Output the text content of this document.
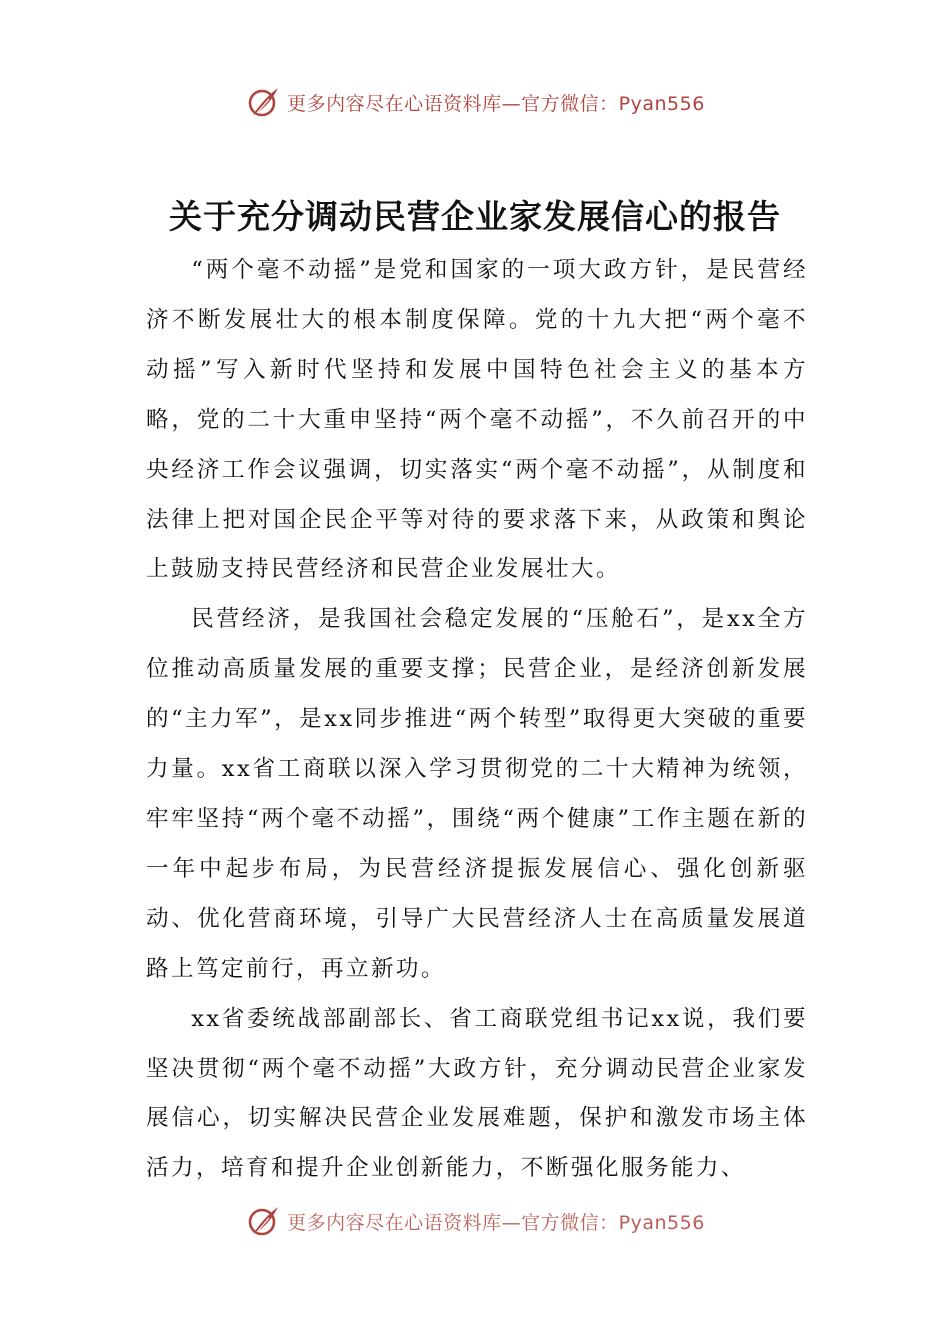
更多内容尽在心语资料库—官方微信：Pyan556
关于充分调动民营企业家发展信心的报告

“两个毫不动摇”是党和国家的一项大政方针，是民营经济不断发展壮大的根本制度保障。党的十九大把“两个毫不动摇”写入新时代坚持和发展中国特色社会主义的基本方略，党的二十大重申坚持“两个毫不动摇”，不久前召开的中央经济工作会议强调，切实落实“两个毫不动摇”，从制度和法律上把对国企民企平等对待的要求落下来，从政策和舆论上鼓励支持民营经济和民营企业发展壮大。

民营经济，是我国社会稳定发展的“压舱石”，是xx全方位推动高质量发展的重要支撑；民营企业，是经济创新发展的“主力军”，是xx同步推进“两个转型”取得更大突破的重要力量。xx省工商联以深入学习贯彻党的二十大精神为统领，牢牢坚持“两个毫不动摇”，围绕“两个健康”工作主题在新的一年中起步布局，为民营经济提振发展信心、强化创新驱动、优化营商环境，引导广大民营经济人士在高质量发展道路上笃定前行，再立新功。

xx省委统战部副部长、省工商联党组书记xx说，我们要坚决贯彻“两个毫不动摇”大政方针，充分调动民营企业家发展信心，切实解决民营企业发展难题，保护和激发市场主体活力，培育和提升企业创新能力，不断强化服务能力、

更多内容尽在心语资料库—官方微信：Pyan556
